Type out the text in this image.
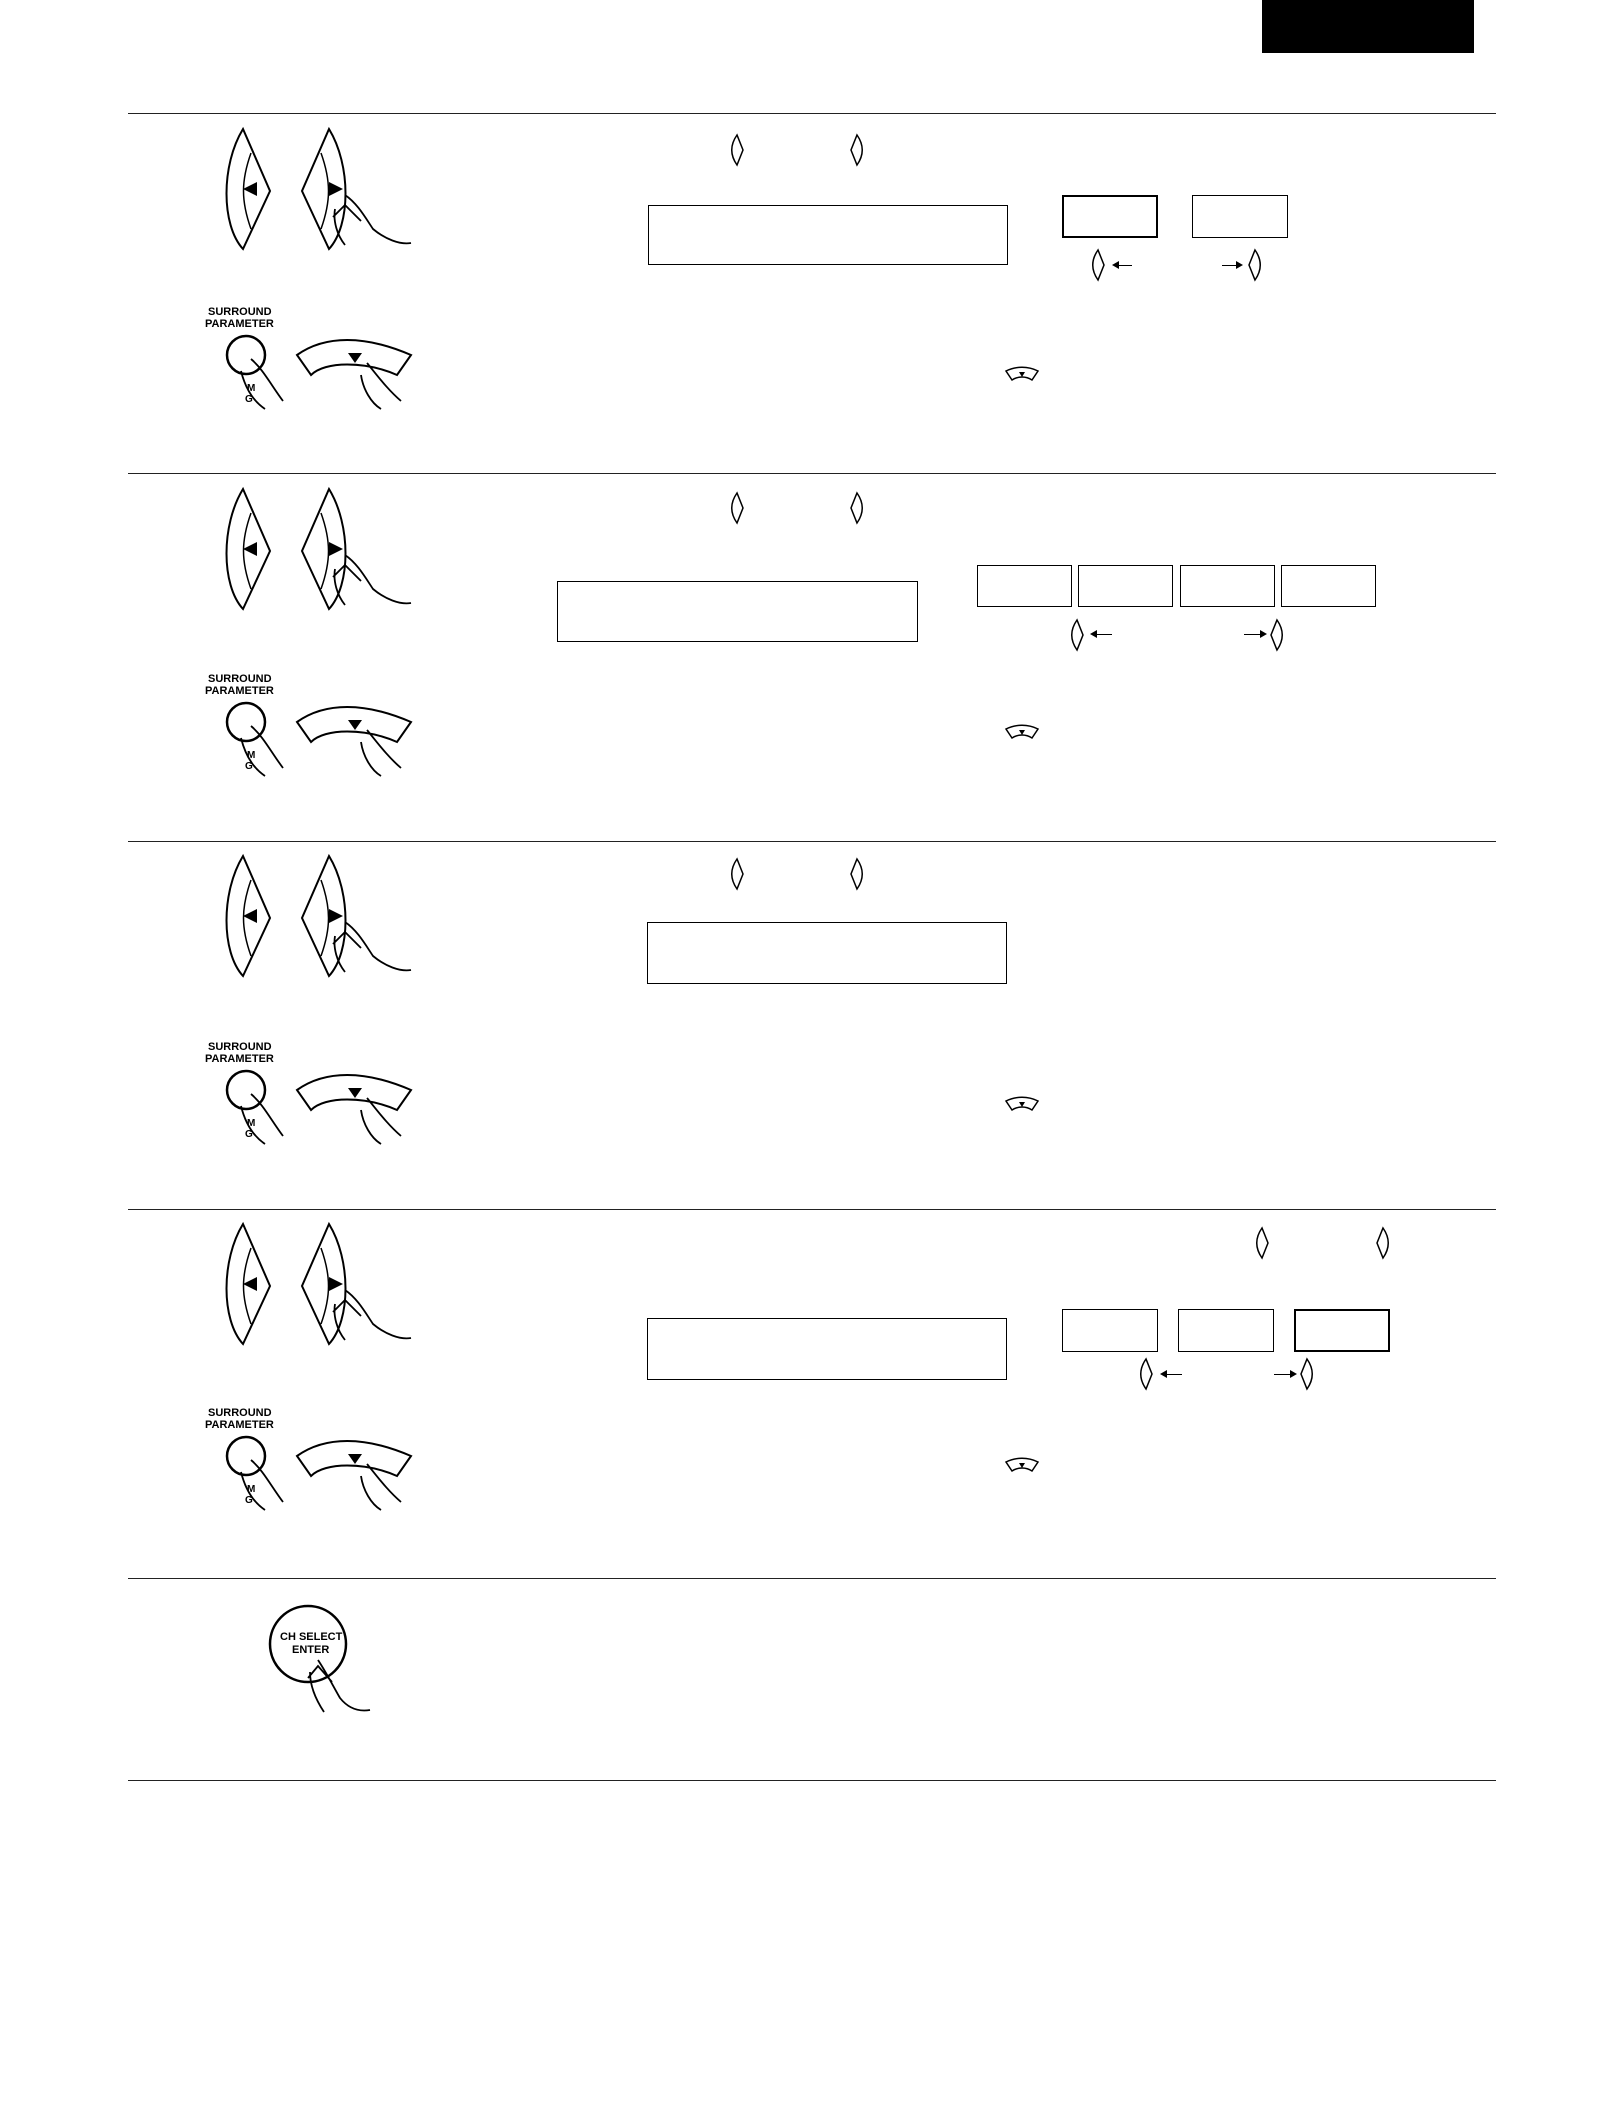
SURROUND
PARAMETER
M
G
SURROUND
PARAMETER
M
G
SURROUND
PARAMETER
M
G
SURROUND
PARAMETER
M
G
CH SELECT
ENTER
